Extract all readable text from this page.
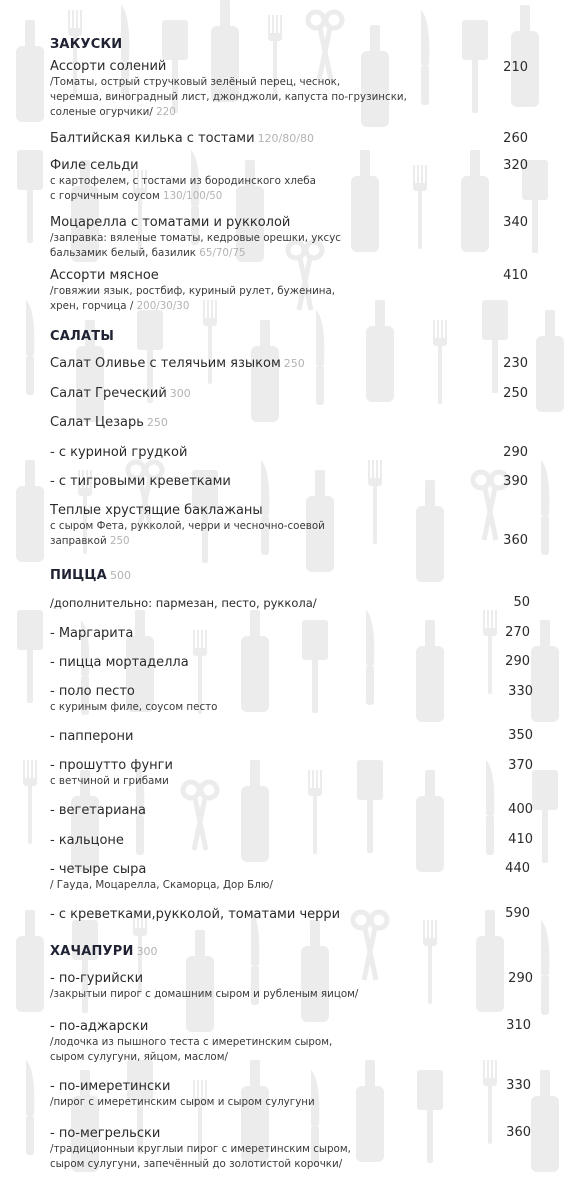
ЗАКУСКИ
Ассорти солений
/Томаты, острый стручковый зелёный перец, чеснок,
черемша, виноградный лист, джонджоли, капуста по-грузински,
соленые огурчики/ 220
210
Балтийская килька с тостами 120/80/80	260
Филе сельди
с картофелем, с тостами из бородинского хлеба
с горчичным соусом 130/100/50
320
Моцарелла с томатами и рукколой
/заправка: вяленые томаты, кедровые орешки, уксус
бальзамик белый, базилик 65/70/75
340
Ассорти мясное
/говяжии язык, ростбиф, куриный рулет, буженина,
хрен, горчица / 200/30/30
410
САЛАТЫ
Салат Оливье с телячьим языком 250	230
Салат Греческий 300	250
Салат Цезарь 250
- с куриной грудкой	290
- с тигровыми креветками	390
Теплые хрустящие баклажаны
с сыром Фета, рукколой, черри и чесночно-соевой
заправкой 250	360
ПИЦЦА 500
/дополнительно: пармезан, песто, руккола/	50
- Маргарита	270
- пицца мортаделла	290
- поло песто
с куриным филе, соусом песто
330
- папперони	350
- прошутто фунги
с ветчиной и грибами
370
- вегетариана	400
- кальцоне	410
- четыре сыра
/ Гауда, Моцарелла, Скаморца, Дор Блю/
440
- с креветками,рукколой, томатами черри	590
ХАЧАПУРИ 300
- по-гурийски
/закрытыи пирог с домашним сыром и рубленым яицом/
290
- по-аджарски
/лодочка из пышного теста с имеретинским сыром,
сыром сулугуни, яйцом, маслом/
310
- по-имеретински
/пирог с имеретинским сыром и сыром сулугуни
330
- по-мегрельски
/традиционныи круглыи пирог с имеретинским сыром,
сыром сулугуни, запечённый до золотистой корочки/
360
